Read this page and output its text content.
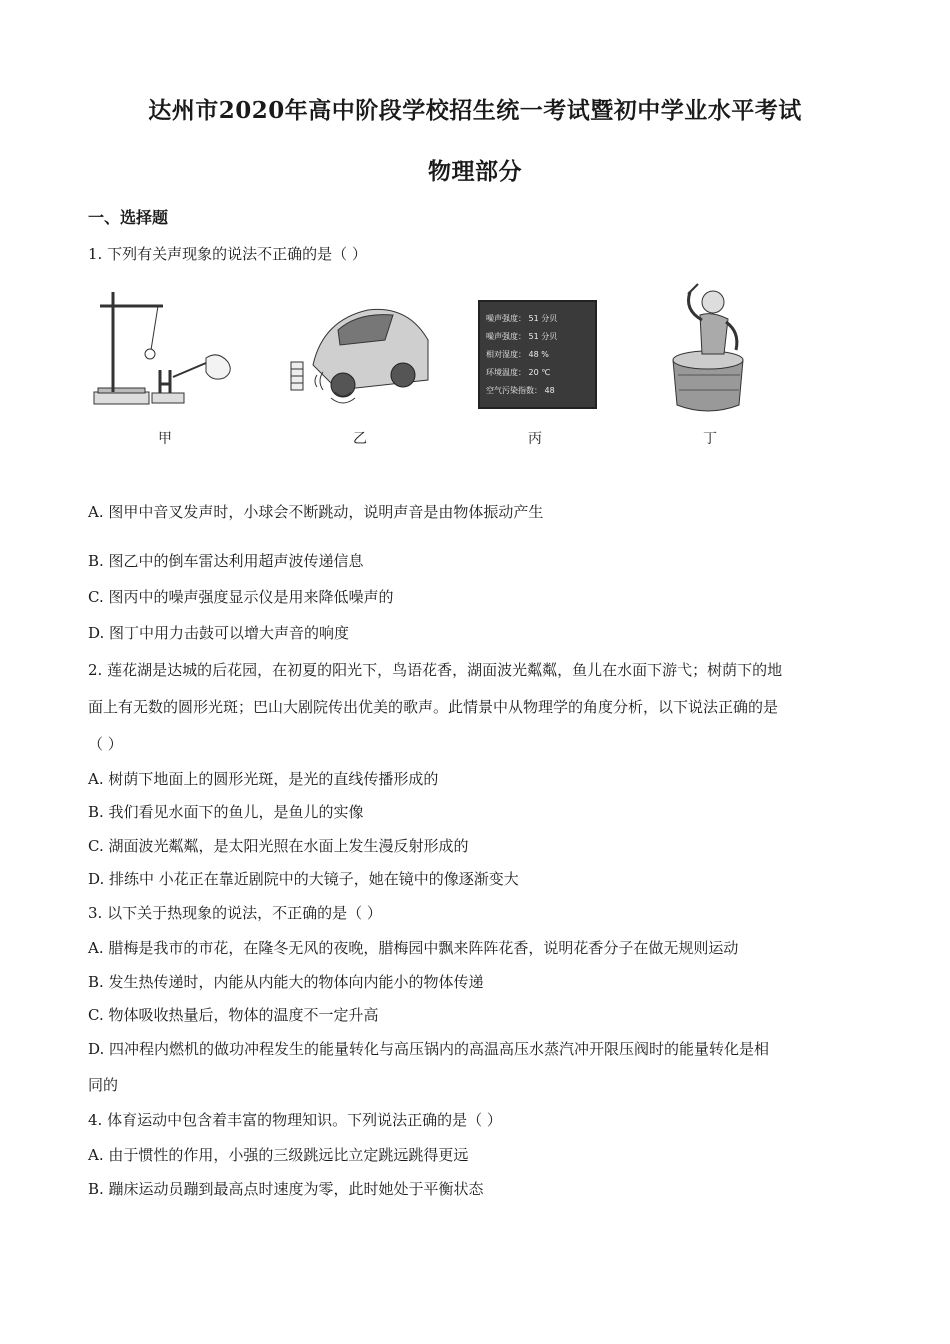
达州市2020年高中阶段学校招生统一考试暨初中学业水平考试
物理部分
一、选择题
1. 下列有关声现象的说法不正确的是（ ）
甲	乙
噪声强度： 51 分贝
噪声强度： 51 分贝
相对湿度： 48 %
环境温度： 20 ℃
空气污染指数： 48
丙	丁
A. 图甲中音叉发声时，小球会不断跳动，说明声音是由物体振动产生
B. 图乙中的倒车雷达利用超声波传递信息
C. 图丙中的噪声强度显示仪是用来降低噪声的
D. 图丁中用力击鼓可以增大声音的响度
2. 莲花湖是达城的后花园，在初夏的阳光下，鸟语花香，湖面波光粼粼，鱼儿在水面下游弋；树荫下的地
面上有无数的圆形光斑；巴山大剧院传出优美的歌声。此情景中从物理学的角度分析，以下说法正确的是
（ ）
A. 树荫下地面上的圆形光斑，是光的直线传播形成的
B. 我们看见水面下的鱼儿，是鱼儿的实像
C. 湖面波光粼粼，是太阳光照在水面上发生漫反射形成的
D. 排练中 小花正在靠近剧院中的大镜子，她在镜中的像逐渐变大
3. 以下关于热现象的说法，不正确的是（ ）
A. 腊梅是我市的市花，在隆冬无风的夜晚，腊梅园中飘来阵阵花香，说明花香分子在做无规则运动
B. 发生热传递时，内能从内能大的物体向内能小的物体传递
C. 物体吸收热量后，物体的温度不一定升高
D. 四冲程内燃机的做功冲程发生的能量转化与高压锅内的高温高压水蒸汽冲开限压阀时的能量转化是相
同的
4. 体育运动中包含着丰富的物理知识。下列说法正确的是（ ）
A. 由于惯性的作用，小强的三级跳远比立定跳远跳得更远
B. 蹦床运动员蹦到最高点时速度为零，此时她处于平衡状态
